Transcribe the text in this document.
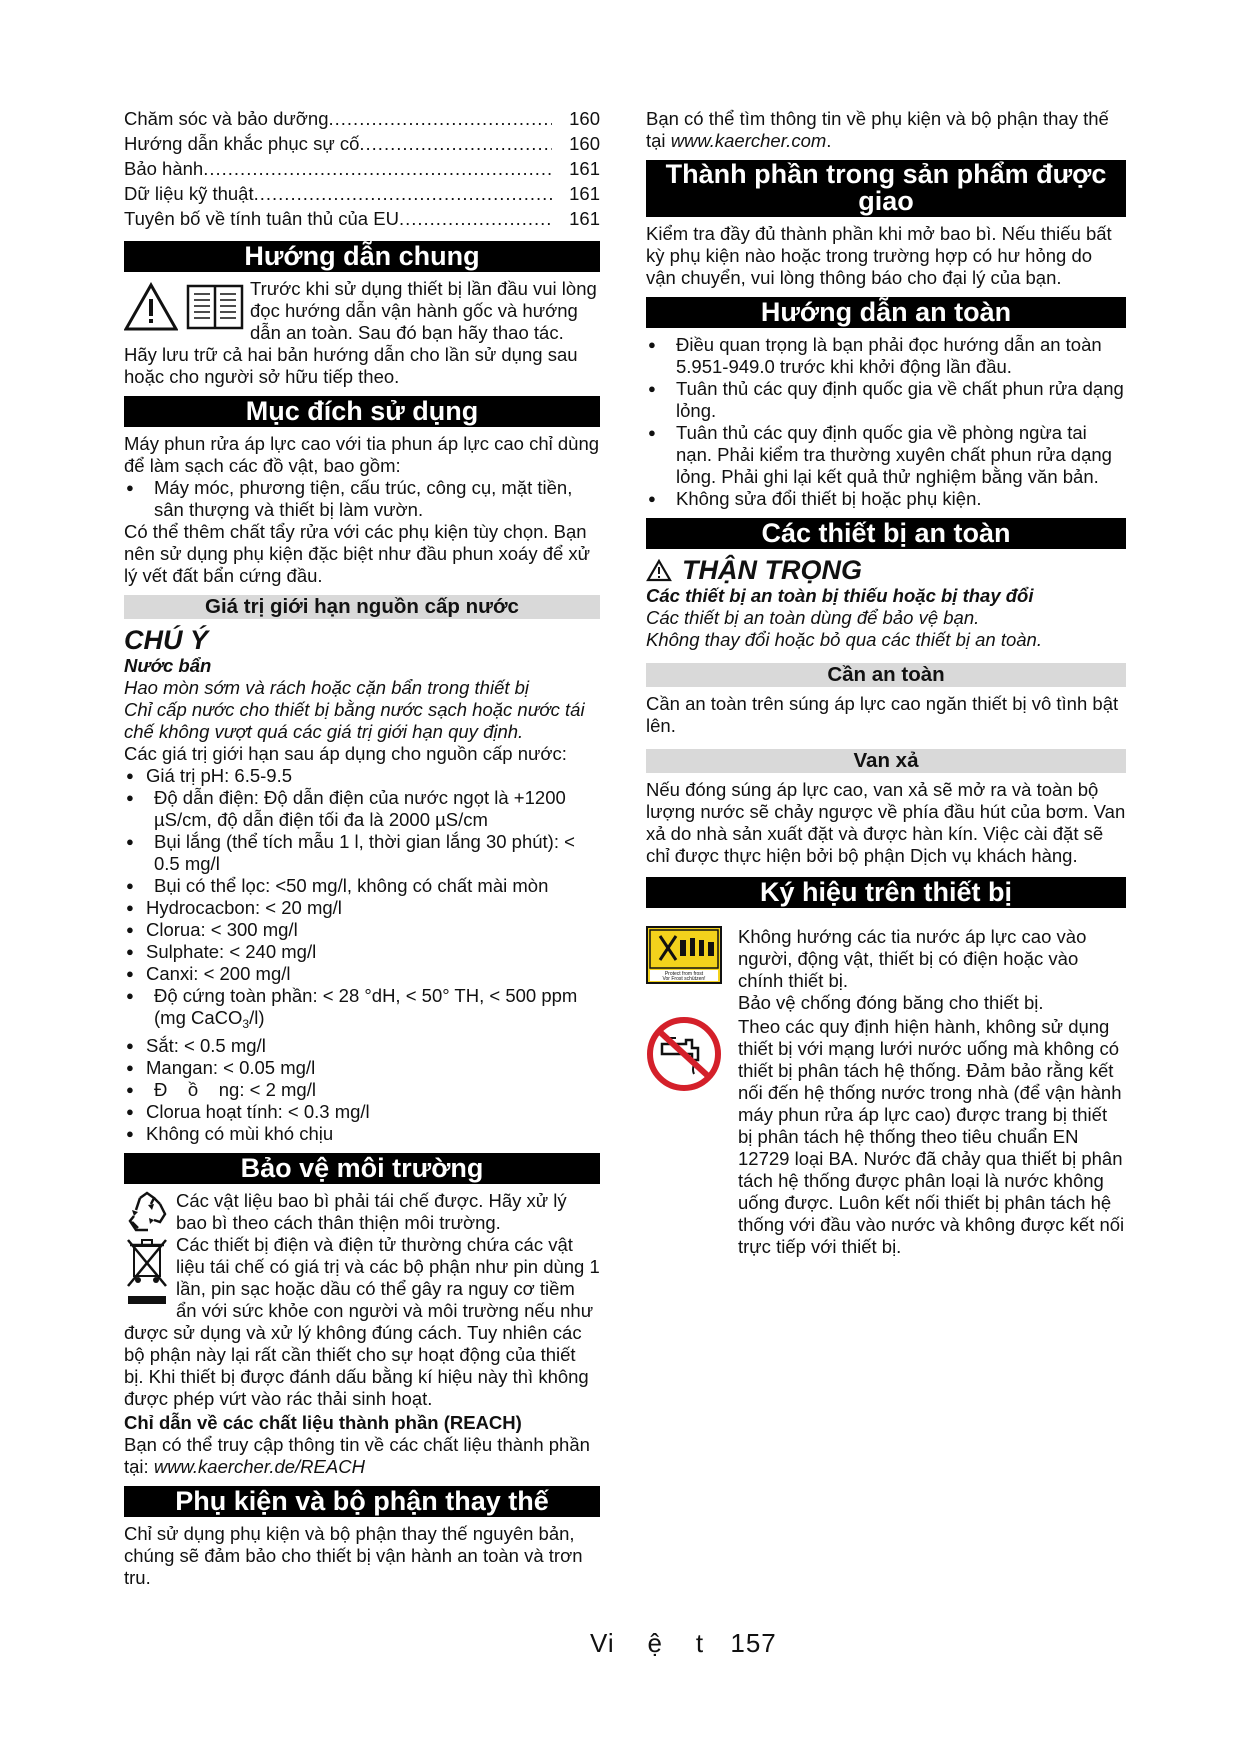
Chăm sóc và bảo dưỡng .....	160
Hướng dẫn khắc phục sự cố .....	160
Bảo hành .....	161
Dữ liệu kỹ thuật .....	161
Tuyên bố về tính tuân thủ của EU .....	161
Hướng dẫn chung

Trước khi sử dụng thiết bị lần đầu vui lòng đọc hướng dẫn vận hành gốc và hướng dẫn an toàn. Sau đó bạn hãy thao tác.

Hãy lưu trữ cả hai bản hướng dẫn cho lần sử dụng sau hoặc cho người sở hữu tiếp theo.

Mục đích sử dụng

Máy phun rửa áp lực cao với tia phun áp lực cao chỉ dùng để làm sạch các đồ vật, bao gồm:

● Máy móc, phương tiện, cấu trúc, công cụ, mặt tiền, sân thượng và thiết bị làm vườn.

Có thể thêm chất tẩy rửa với các phụ kiện tùy chọn. Bạn nên sử dụng phụ kiện đặc biệt như đầu phun xoáy để xử lý vết đất bẩn cứng đầu.

Giá trị giới hạn nguồn cấp nước
CHÚ Ý

Nước bẩn

Hao mòn sớm và rách hoặc cặn bẩn trong thiết bị

Chỉ cấp nước cho thiết bị bằng nước sạch hoặc nước tái chế không vượt quá các giá trị giới hạn quy định.

Các giá trị giới hạn sau áp dụng cho nguồn cấp nước:

● Giá trị pH: 6.5-9.5
● Độ dẫn điện: Độ dẫn điện của nước ngọt là +1200 µS/cm, độ dẫn điện tối đa là 2000 µS/cm
● Bụi lắng (thể tích mẫu 1 l, thời gian lắng 30 phút): < 0.5 mg/l
● Bụi có thể lọc: <50 mg/l, không có chất mài mòn
● Hydrocacbon: < 20 mg/l
● Clorua: < 300 mg/l
● Sulphate: < 240 mg/l
● Canxi: < 200 mg/l
● Độ cứng toàn phần: < 28 °dH, < 50° TH, < 500 ppm (mg CaCO$_3$/l)
● Sắt: < 0.5 mg/l
● Mangan: < 0.05 mg/l
● Đ    ồ    ng: < 2 mg/l
● Clorua hoạt tính: < 0.3 mg/l
● Không có mùi khó chịu
Bảo vệ môi trường

Các vật liệu bao bì phải tái chế được. Hãy xử lý bao bì theo cách thân thiện môi trường.

Các thiết bị điện và điện tử thường chứa các vật liệu tái chế có giá trị và các bộ phận như pin dùng 1 lần, pin sạc hoặc dầu có thể gây ra nguy cơ tiềm ẩn với sức khỏe con người và môi trường nếu như được sử dụng và xử lý không đúng cách. Tuy nhiên các bộ phận này lại rất cần thiết cho sự hoạt động của thiết bị. Khi thiết bị được đánh dấu bằng kí hiệu này thì không được phép vứt vào rác thải sinh hoạt.

Chỉ dẫn về các chất liệu thành phần (REACH)

Bạn có thể truy cập thông tin về các chất liệu thành phần tại: www.kaercher.de/REACH

Phụ kiện và bộ phận thay thế

Chỉ sử dụng phụ kiện và bộ phận thay thế nguyên bản, chúng sẽ đảm bảo cho thiết bị vận hành an toàn và trơn tru.

Bạn có thể tìm thông tin về phụ kiện và bộ phận thay thế tại www.kaercher.com.

Thành phần trong sản phẩm được giao

Kiểm tra đầy đủ thành phần khi mở bao bì. Nếu thiếu bất kỳ phụ kiện nào hoặc trong trường hợp có hư hỏng do vận chuyển, vui lòng thông báo cho đại lý của bạn.

Hướng dẫn an toàn
● Điều quan trọng là bạn phải đọc hướng dẫn an toàn 5.951-949.0 trước khi khởi động lần đầu.
● Tuân thủ các quy định quốc gia về chất phun rửa dạng lỏng.
● Tuân thủ các quy định quốc gia về phòng ngừa tai nạn. Phải kiểm tra thường xuyên chất phun rửa dạng lỏng. Phải ghi lại kết quả thử nghiệm bằng văn bản.
● Không sửa đổi thiết bị hoặc phụ kiện.
Các thiết bị an toàn
THẬN TRỌNG

Các thiết bị an toàn bị thiếu hoặc bị thay đổi

Các thiết bị an toàn dùng để bảo vệ bạn.

Không thay đổi hoặc bỏ qua các thiết bị an toàn.

Cần an toàn

Cần an toàn trên súng áp lực cao ngăn thiết bị vô tình bật lên.

Van xả

Nếu đóng súng áp lực cao, van xả sẽ mở ra và toàn bộ lượng nước sẽ chảy ngược về phía đầu hút của bơm. Van xả do nhà sản xuất đặt và được hàn kín. Việc cài đặt sẽ chỉ được thực hiện bởi bộ phận Dịch vụ khách hàng.

Ký hiệu trên thiết bị
Protect from frost
Vor Frost schützen!

Không hướng các tia nước áp lực cao vào người, động vật, thiết bị có điện hoặc vào chính thiết bị.

Bảo vệ chống đóng băng cho thiết bị.

Theo các quy định hiện hành, không sử dụng thiết bị với mạng lưới nước uống mà không có thiết bị phân tách hệ thống. Đảm bảo rằng kết nối đến hệ thống nước trong nhà (để vận hành máy phun rửa áp lực cao) được trang bị thiết bị phân tách hệ thống theo tiêu chuẩn EN 12729 loại BA. Nước đã chảy qua thiết bị phân tách hệ thống được phân loại là nước không uống được. Luôn kết nối thiết bị phân tách hệ thống với đầu vào nước và không được kết nối trực tiếp với thiết bị.

Vi    ệ    t 157
